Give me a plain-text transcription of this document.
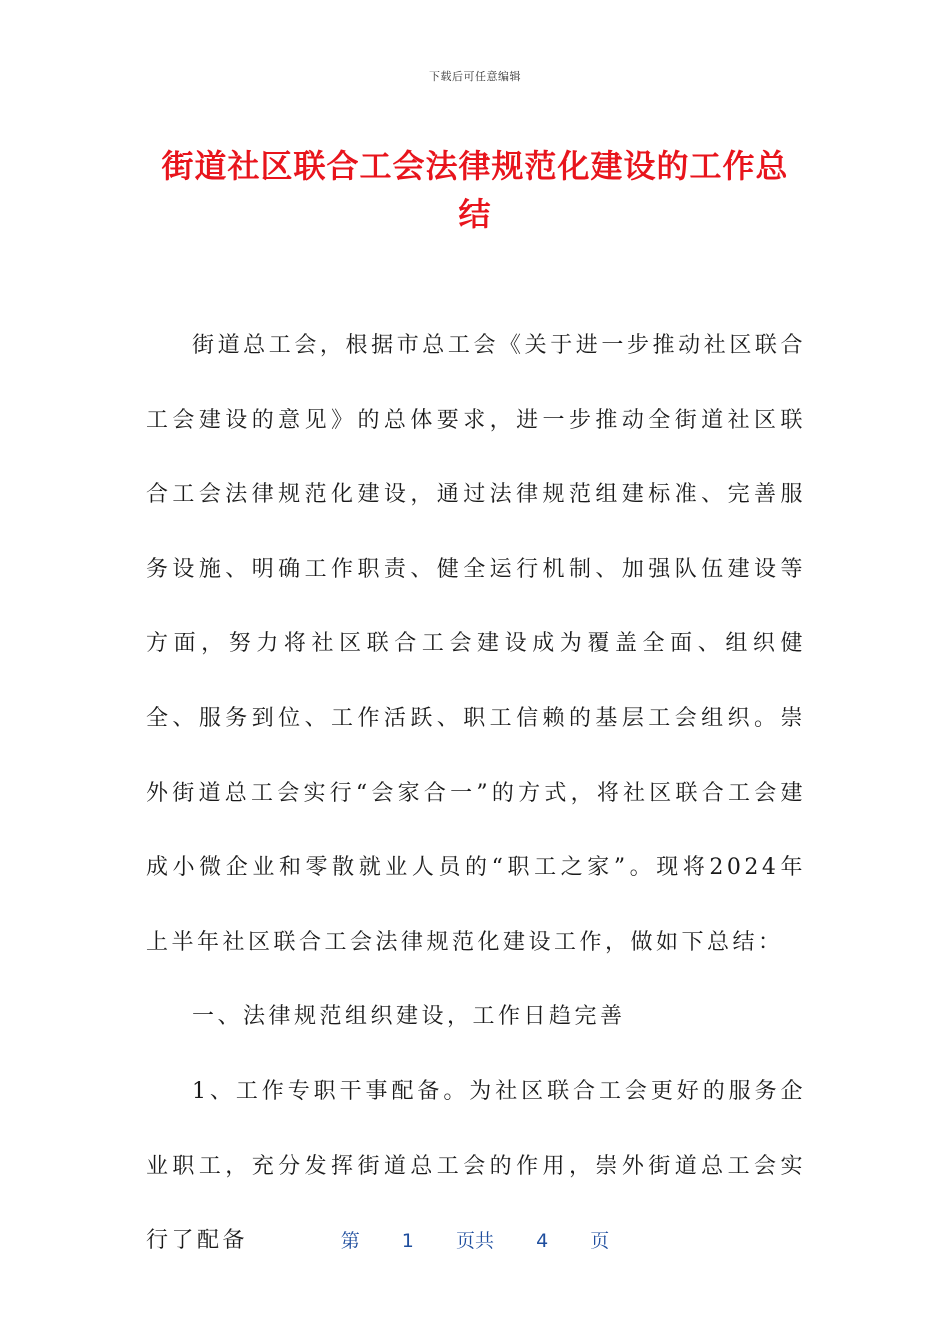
下载后可任意编辑
街道社区联合工会法律规范化建设的工作总结

街道总工会，根据市总工会《关于进一步推动社区联合工会建设的意见》的总体要求，进一步推动全街道社区联合工会法律规范化建设，通过法律规范组建标准、完善服务设施、明确工作职责、健全运行机制、加强队伍建设等方面，努力将社区联合工会建设成为覆盖全面、组织健全、服务到位、工作活跃、职工信赖的基层工会组织。崇外街道总工会实行“会家合一”的方式，将社区联合工会建成小微企业和零散就业人员的“职工之家”。现将2024年上半年社区联合工会法律规范化建设工作，做如下总结：

一、法律规范组织建设，工作日趋完善

1、工作专职干事配备。为社区联合工会更好的服务企业职工，充分发挥街道总工会的作用，崇外街道总工会实行了配备	第 1 页共 4 页
